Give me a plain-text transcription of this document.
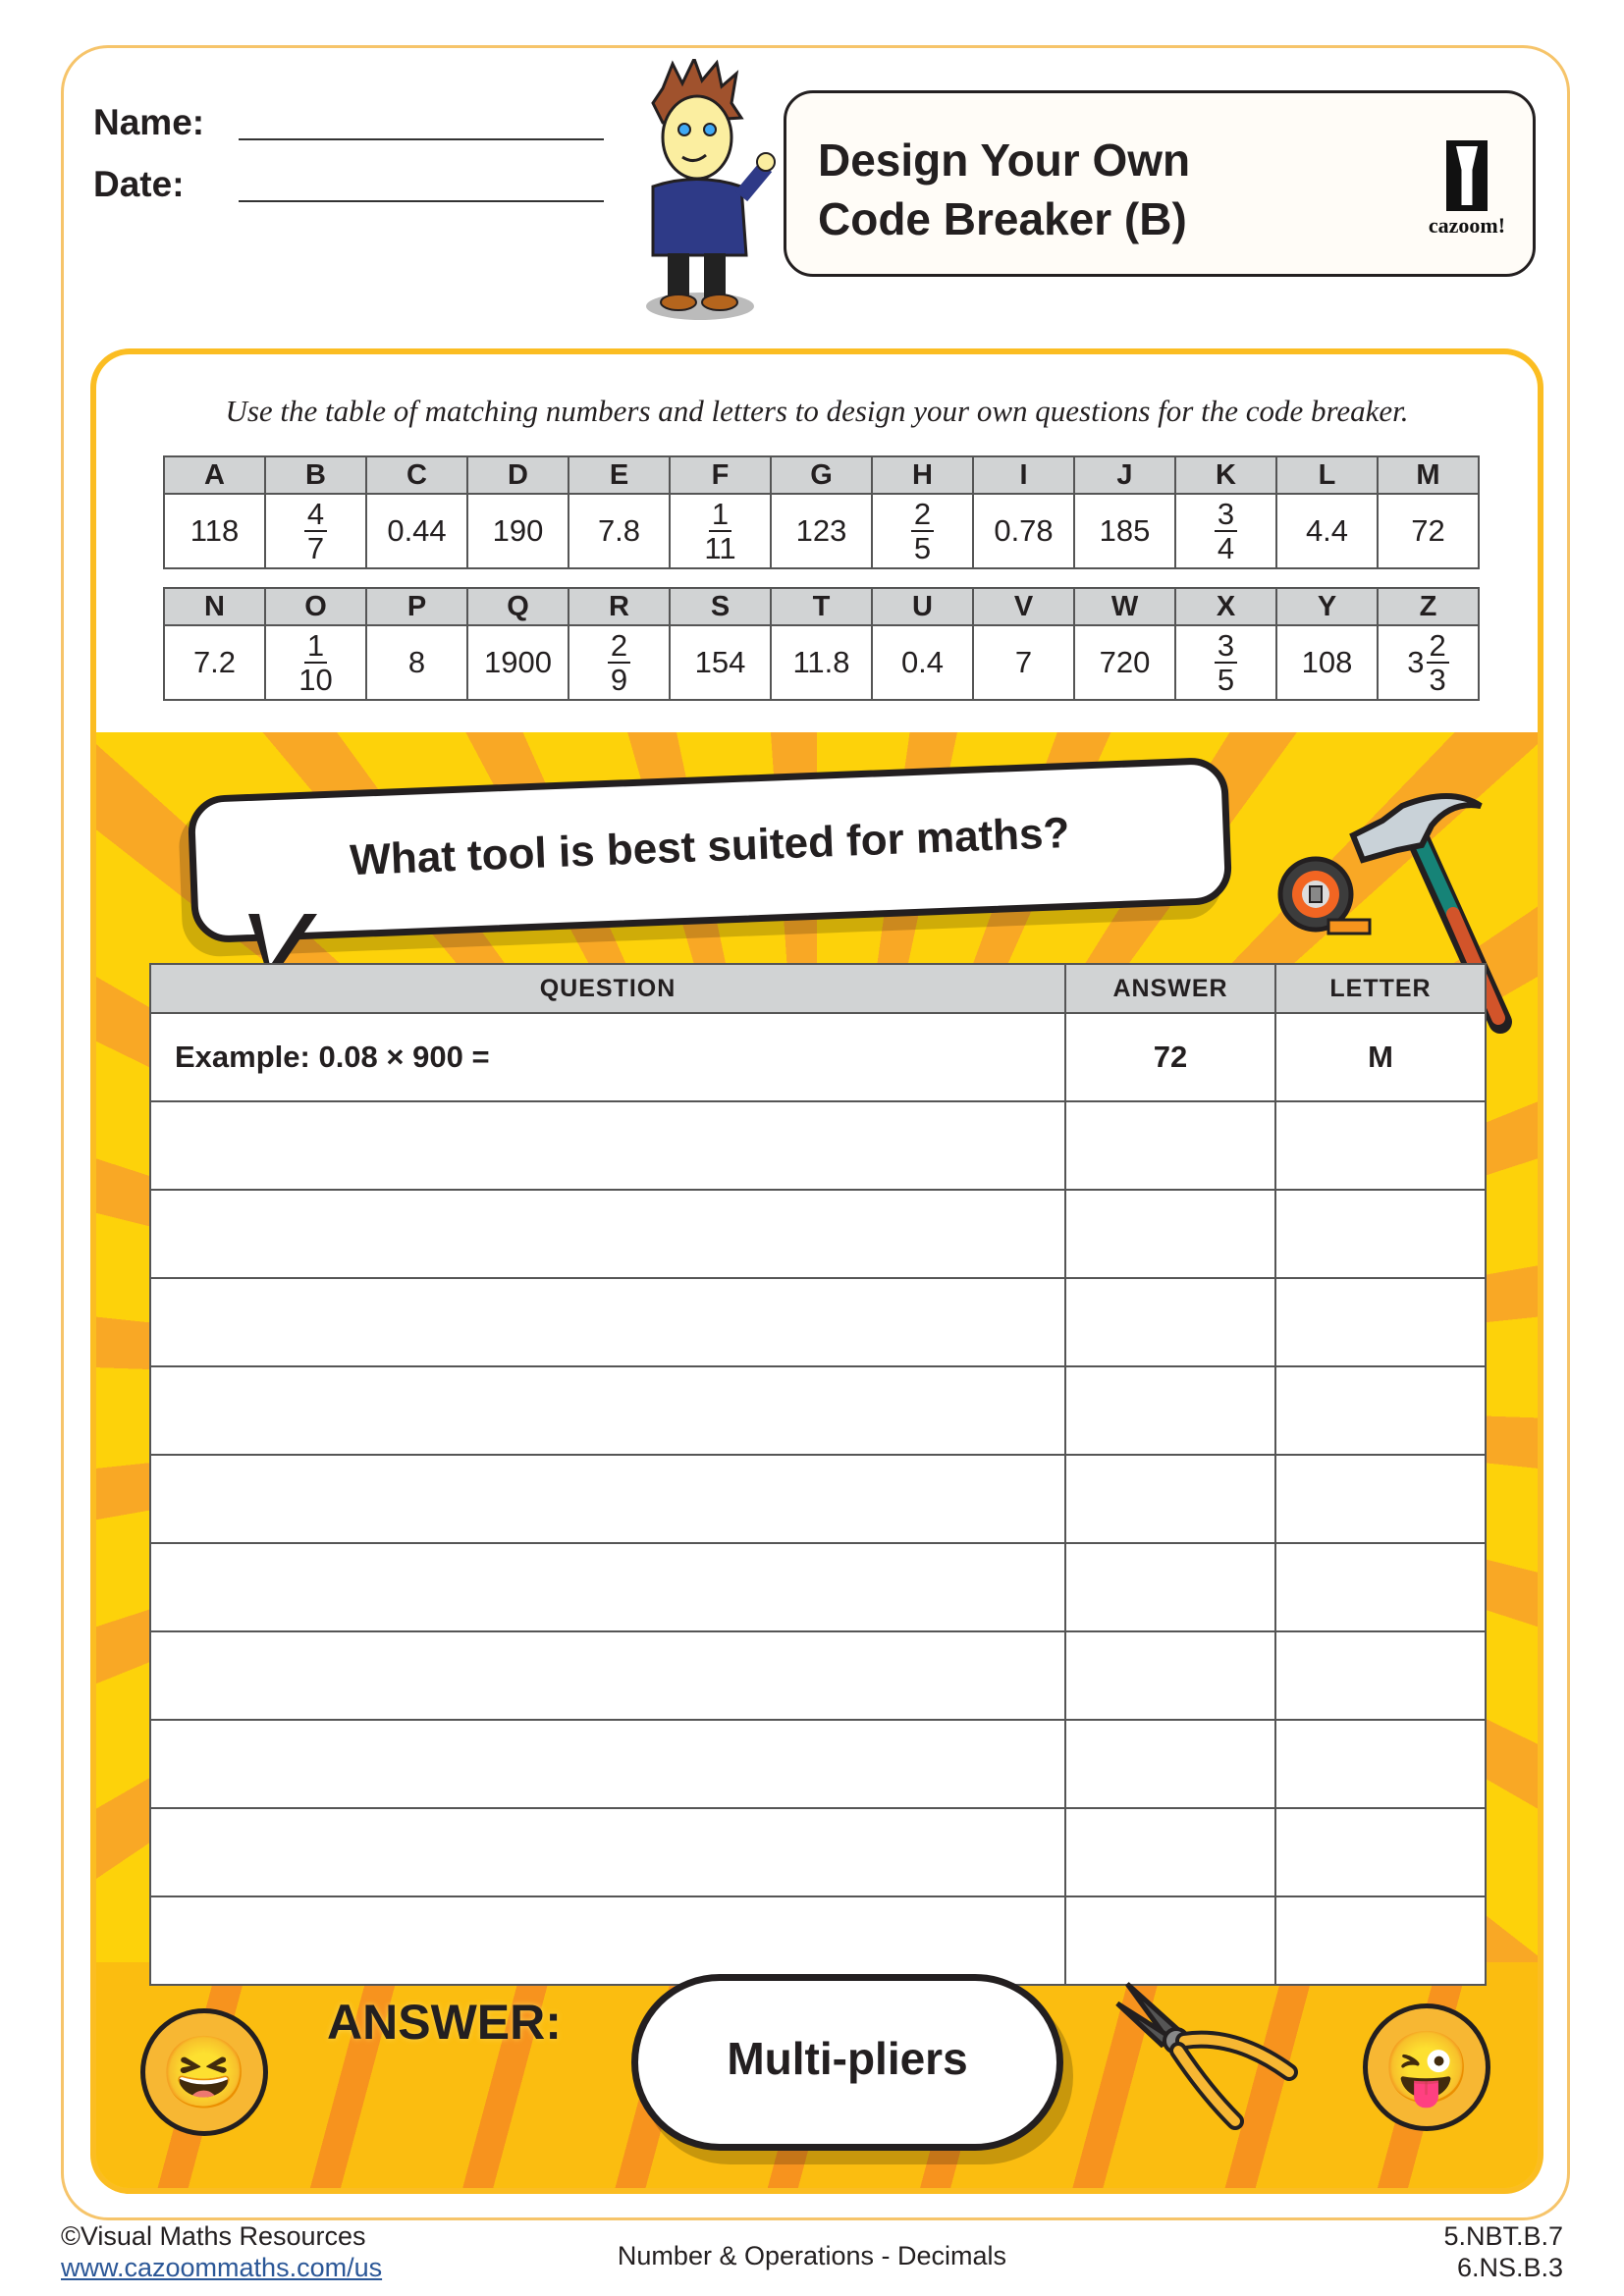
Name:
Date:	Design Your Own
Code Breaker (B)	cazoom!
Use the table of matching numbers and letters to design your own questions for the code breaker.
A	B	C	D	E	F	G	H	I	J	K	L	M
118	$\frac{4}{7}$	0.44	190	7.8	$\frac{1}{11}$	123	$\frac{2}{5}$	0.78	185	$\frac{3}{4}$	4.4	72
N	O	P	Q	R	S	T	U	V	W	X	Y	Z
7.2	$\frac{1}{10}$	8	1900	$\frac{2}{9}$	154	11.8	0.4	7	720	$\frac{3}{5}$	108	$3 \frac{2}{3}$
What tool is best suited for maths?
QUESTION	ANSWER	LETTER
Example: 0.08 × 900 =	72	M

😆
ANSWER:
Multi-pliers	😜
©Visual Maths Resources
www.cazoommaths.com/us	Number & Operations - Decimals
5.NBT.B.7
6.NS.B.3
